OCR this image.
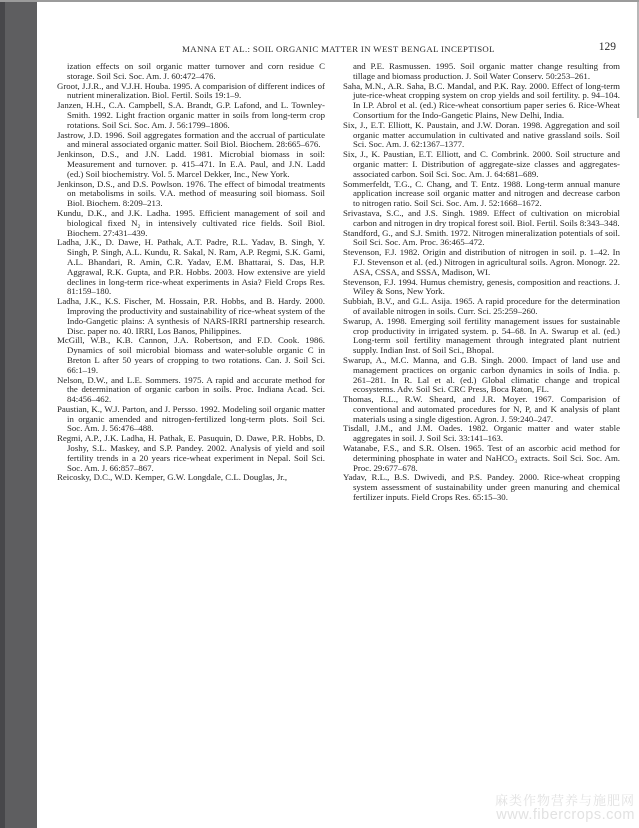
MANNA ET AL.: SOIL ORGANIC MATTER IN WEST BENGAL INCEPTISOL	129

ization effects on soil organic matter turnover and corn residue C storage. Soil Sci. Soc. Am. J. 60:472–476.

Groot, J.J.R., and V.J.H. Houba. 1995. A comparision of different indices of nutrient mineralization. Biol. Fertil. Soils 19:1–9.

Janzen, H.H., C.A. Campbell, S.A. Brandt, G.P. Lafond, and L. Townley-Smith. 1992. Light fraction organic matter in soils from long-term crop rotations. Soil Sci. Soc. Am. J. 56:1799–1806.

Jastrow, J.D. 1996. Soil aggregates formation and the accrual of particulate and mineral associated organic matter. Soil Biol. Biochem. 28:665–676.

Jenkinson, D.S., and J.N. Ladd. 1981. Microbial biomass in soil: Measurement and turnover. p. 415–471. In E.A. Paul, and J.N. Ladd (ed.) Soil biochemistry. Vol. 5. Marcel Dekker, Inc., New York.

Jenkinson, D.S., and D.S. Powlson. 1976. The effect of bimodal treatments on metabolisms in soils. V.A. method of measuring soil biomass. Soil Biol. Biochem. 8:209–213.

Kundu, D.K., and J.K. Ladha. 1995. Efficient management of soil and biological fixed N₂ in intensively cultivated rice fields. Soil Biol. Biochem. 27:431–439.

Ladha, J.K., D. Dawe, H. Pathak, A.T. Padre, R.L. Yadav, B. Singh, Y. Singh, P. Singh, A.L. Kundu, R. Sakal, N. Ram, A.P. Regmi, S.K. Gami, A.L. Bhandari, R. Amin, C.R. Yadav, E.M. Bhattarai, S. Das, H.P. Aggrawal, R.K. Gupta, and P.R. Hobbs. 2003. How extensive are yield declines in long-term rice-wheat experiments in Asia? Field Crops Res. 81:159–180.

Ladha, J.K., K.S. Fischer, M. Hossain, P.R. Hobbs, and B. Hardy. 2000. Improving the productivity and sustainability of rice-wheat system of the Indo-Gangetic plains: A synthesis of NARS-IRRI partnership research. Disc. paper no. 40. IRRI, Los Banos, Philippines.

McGill, W.B., K.B. Cannon, J.A. Robertson, and F.D. Cook. 1986. Dynamics of soil microbial biomass and water-soluble organic C in Breton L after 50 years of cropping to two rotations. Can. J. Soil Sci. 66:1–19.

Nelson, D.W., and L.E. Sommers. 1975. A rapid and accurate method for the determination of organic carbon in soils. Proc. Indiana Acad. Sci. 84:456–462.

Paustian, K., W.J. Parton, and J. Persso. 1992. Modeling soil organic matter in organic amended and nitrogen-fertilized long-term plots. Soil Sci. Soc. Am. J. 56:476–488.

Regmi, A.P., J.K. Ladha, H. Pathak, E. Pasuquin, D. Dawe, P.R. Hobbs, D. Joshy, S.L. Maskey, and S.P. Pandey. 2002. Analysis of yield and soil fertility trends in a 20 years rice-wheat experiment in Nepal. Soil Sci. Soc. Am. J. 66:857–867.

Reicosky, D.C., W.D. Kemper, G.W. Longdale, C.L. Douglas, Jr.,

and P.E. Rasmussen. 1995. Soil organic matter change resulting from tillage and biomass production. J. Soil Water Conserv. 50:253–261.

Saha, M.N., A.R. Saha, B.C. Mandal, and P.K. Ray. 2000. Effect of long-term jute-rice-wheat cropping system on crop yields and soil fertility. p. 94–104. In I.P. Abrol et al. (ed.) Rice-wheat consortium paper series 6. Rice-Wheat Consortium for the Indo-Gangetic Plains, New Delhi, India.

Six, J., E.T. Elliott, K. Paustain, and J.W. Doran. 1998. Aggregation and soil organic matter accumulation in cultivated and native grassland soils. Soil Sci. Soc. Am. J. 62:1367–1377.

Six, J., K. Paustian, E.T. Elliott, and C. Combrink. 2000. Soil structure and organic matter: I. Distribution of aggregate-size classes and aggregates-associated carbon. Soil Sci. Soc. Am. J. 64:681–689.

Sommerfeldt, T.G., C. Chang, and T. Entz. 1988. Long-term annual manure application increase soil organic matter and nitrogen and decrease carbon to nitrogen ratio. Soil Sci. Soc. Am. J. 52:1668–1672.

Srivastava, S.C., and J.S. Singh. 1989. Effect of cultivation on microbial carbon and nitrogen in dry tropical forest soil. Biol. Fertil. Soils 8:343–348.

Standford, G., and S.J. Smith. 1972. Nitrogen mineralization potentials of soil. Soil Sci. Soc. Am. Proc. 36:465–472.

Stevenson, F.J. 1982. Origin and distribution of nitrogen in soil. p. 1–42. In F.J. Stevenson et al. (ed.) Nitrogen in agricultural soils. Agron. Monogr. 22. ASA, CSSA, and SSSA, Madison, WI.

Stevenson, F.J. 1994. Humus chemistry, genesis, composition and reactions. J. Wiley & Sons, New York.

Subbiah, B.V., and G.L. Asija. 1965. A rapid procedure for the determination of available nitrogen in soils. Curr. Sci. 25:259–260.

Swarup, A. 1998. Emerging soil fertility management issues for sustainable crop productivity in irrigated system. p. 54–68. In A. Swarup et al. (ed.) Long-term soil fertility management through integrated plant nutrient supply. Indian Inst. of Soil Sci., Bhopal.

Swarup, A., M.C. Manna, and G.B. Singh. 2000. Impact of land use and management practices on organic carbon dynamics in soils of India. p. 261–281. In R. Lal et al. (ed.) Global climatic change and tropical ecosystems. Adv. Soil Sci. CRC Press, Boca Raton, FL.

Thomas, R.L., R.W. Sheard, and J.R. Moyer. 1967. Comparision of conventional and automated procedures for N, P, and K analysis of plant materials using a single digestion. Agron. J. 59:240–247.

Tisdall, J.M., and J.M. Oades. 1982. Organic matter and water stable aggregates in soil. J. Soil Sci. 33:141–163.

Watanabe, F.S., and S.R. Olsen. 1965. Test of an ascorbic acid method for determining phosphate in water and NaHCO₃ extracts. Soil Sci. Soc. Am. Proc. 29:677–678.

Yadav, R.L., B.S. Dwivedi, and P.S. Pandey. 2000. Rice-wheat cropping system assessment of sustainability under green manuring and chemical fertilizer inputs. Field Crops Res. 65:15–30.

麻类作物营养与施肥网
www.fibercrops.com
